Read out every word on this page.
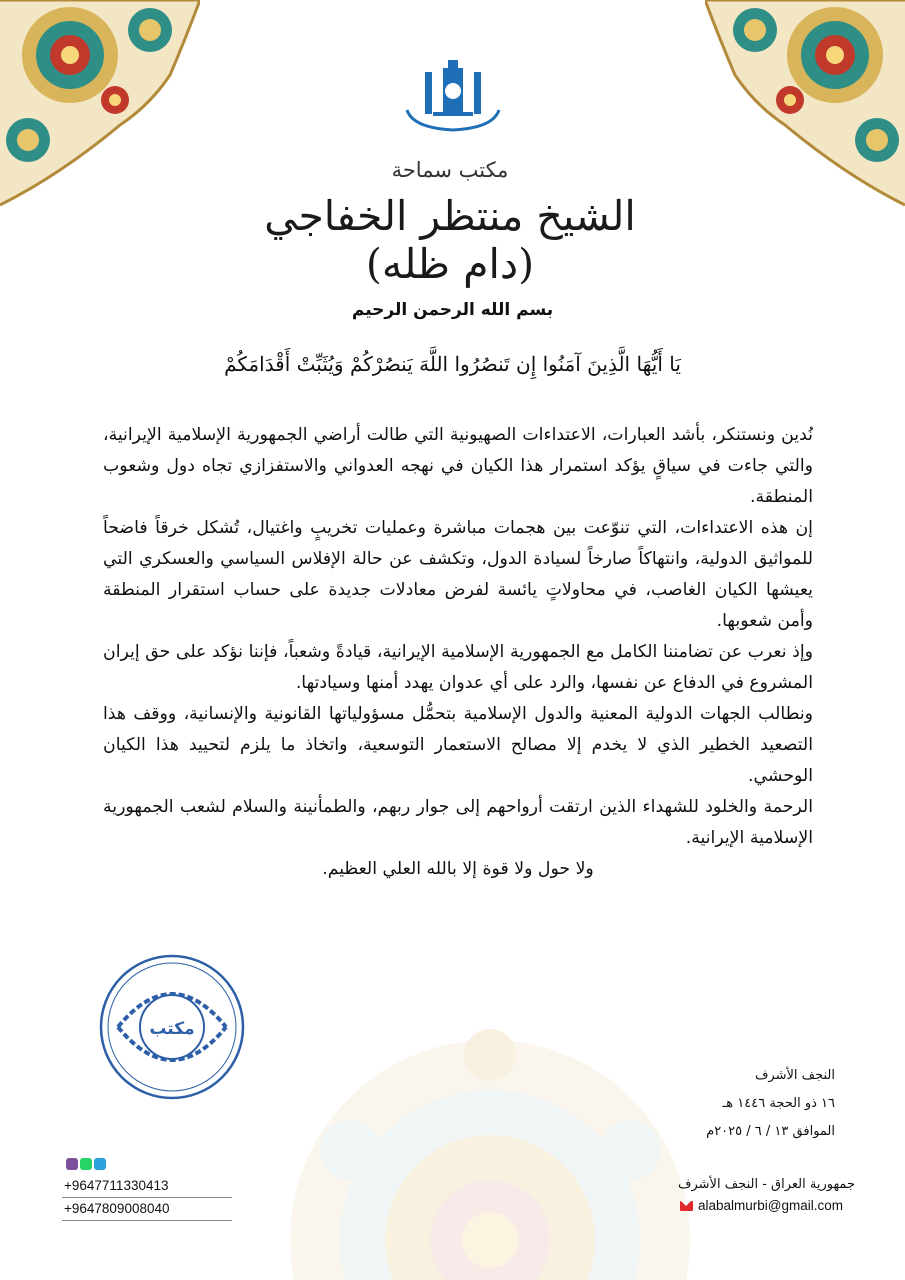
مكتب سماحة
الشيخ منتظر الخفاجي (دام ظله)
بسم الله الرحمن الرحيم
يَا أَيُّهَا الَّذِينَ آمَنُوا إِن تَنصُرُوا اللَّهَ يَنصُرْكُمْ وَيُثَبِّتْ أَقْدَامَكُمْ

نُدين ونستنكر، بأشد العبارات، الاعتداءات الصهيونية التي طالت أراضي الجمهورية الإسلامية الإيرانية، والتي جاءت في سياقٍ يؤكد استمرار هذا الكيان في نهجه العدواني والاستفزازي تجاه دول وشعوب المنطقة.

إن هذه الاعتداءات، التي تنوّعت بين هجمات مباشرة وعمليات تخريبٍ واغتيال، تُشكل خرقاً فاضحاً للمواثيق الدولية، وانتهاكاً صارخاً لسيادة الدول، وتكشف عن حالة الإفلاس السياسي والعسكري التي يعيشها الكيان الغاصب، في محاولاتٍ يائسة لفرض معادلات جديدة على حساب استقرار المنطقة وأمن شعوبها.

وإذ نعرب عن تضامننا الكامل مع الجمهورية الإسلامية الإيرانية، قيادةً وشعباً، فإننا نؤكد على حق إيران المشروع في الدفاع عن نفسها، والرد على أي عدوان يهدد أمنها وسيادتها.

ونطالب الجهات الدولية المعنية والدول الإسلامية بتحمُّل مسؤولياتها القانونية والإنسانية، ووقف هذا التصعيد الخطير الذي لا يخدم إلا مصالح الاستعمار التوسعية، واتخاذ ما يلزم لتحييد هذا الكيان الوحشي.

الرحمة والخلود للشهداء الذين ارتقت أرواحهم إلى جوار ربهم، والطمأنينة والسلام لشعب الجمهورية الإسلامية الإيرانية.

ولا حول ولا قوة إلا بالله العلي العظيم.

مكتب
النجف الأشرف
١٦ ذو الحجة ١٤٤٦ هـ
الموافق ١٣ / ٦ / ٢٠٢٥م
+9647711330413
+9647809008040
جمهورية العراق - النجف الأشرف
alabalmurbi@gmail.com
